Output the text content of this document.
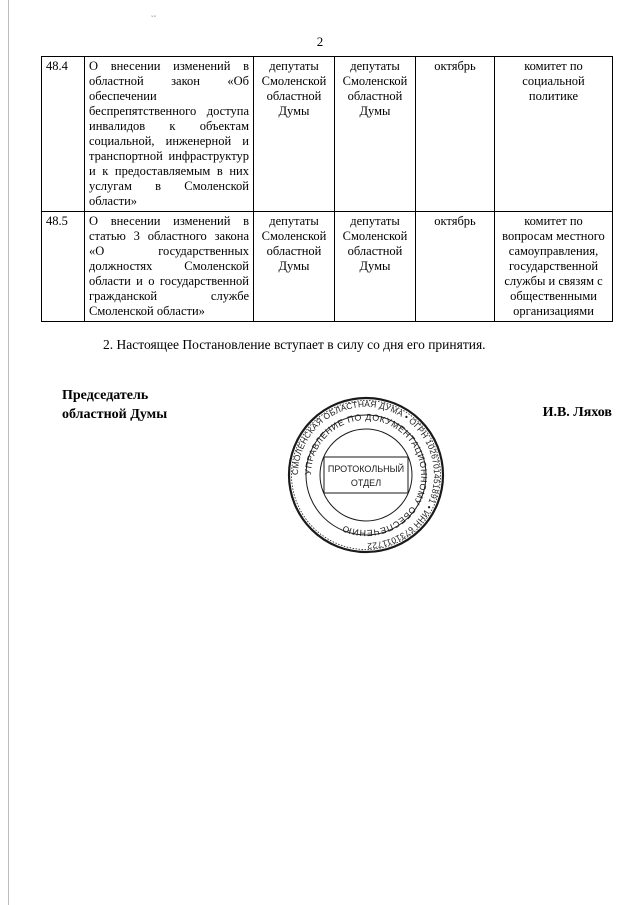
˘˘
2
48.4	О внесении изменений в областной закон «Об обеспечении беспрепятственного доступа инвалидов к объектам социальной, инженерной и транспортной инфраструктур и к предоставляемым в них услугам в Смоленской области»	депутаты Смоленской областной Думы	депутаты Смоленской областной Думы	октябрь	комитет по социальной политике
48.5	О внесении изменений в статью 3 областного закона «О государственных должностях Смоленской области и о государственной гражданской службе Смоленской области»	депутаты Смоленской областной Думы	депутаты Смоленской областной Думы	октябрь	комитет по вопросам местного самоуправления, государственной службы и связям с общественными организациями
2. Настоящее Постановление вступает в силу со дня его принятия.
Председатель
областной Думы	И.В. Ляхов
СМОЛЕНСКАЯ ОБЛАСТНАЯ ДУМА • ОГРН 1026701451891 • ИНН 6731011722
УПРАВЛЕНИЕ ПО ДОКУМЕНТАЦИОННОМУ ОБЕСПЕЧЕНИЮ
ПРОТОКОЛЬНЫЙ
ОТДЕЛ
